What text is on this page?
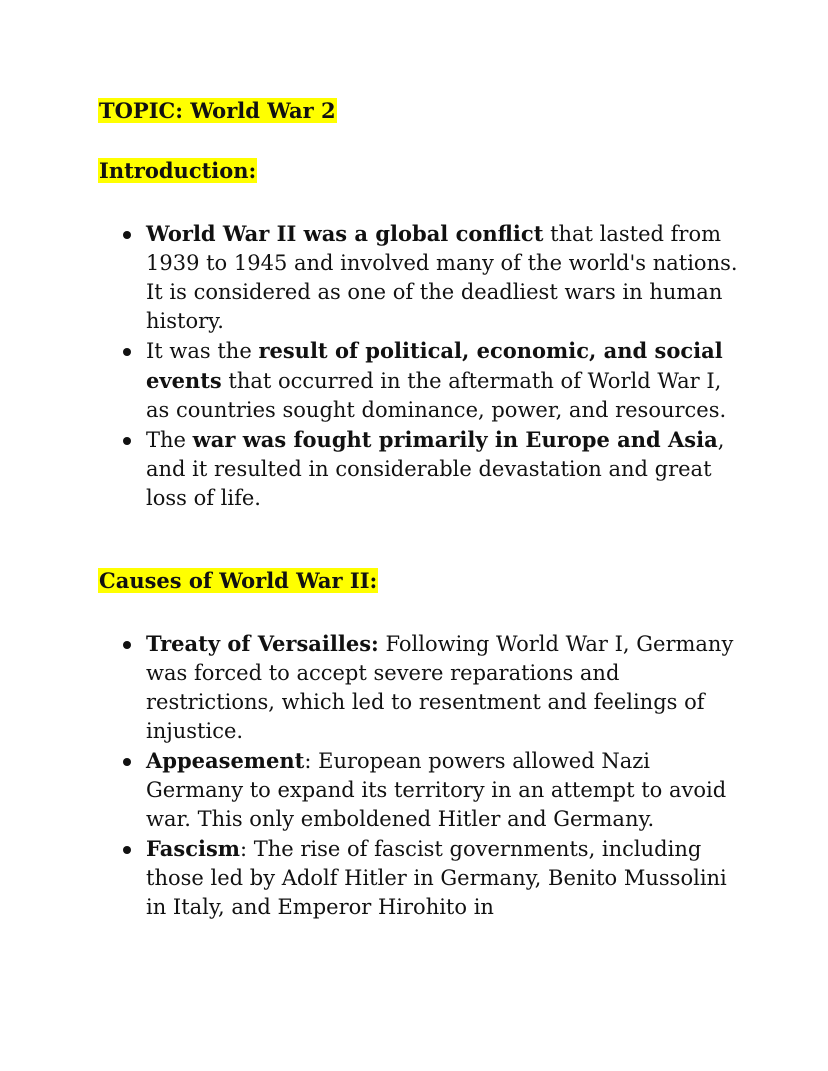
TOPIC: World War 2
Introduction:
World War II was a global conflict that lasted from 1939 to 1945 and involved many of the world's nations. It is considered as one of the deadliest wars in human history.
It was the result of political, economic, and social events that occurred in the aftermath of World War I, as countries sought dominance, power, and resources.
The war was fought primarily in Europe and Asia, and it resulted in considerable devastation and great loss of life.
Causes of World War II:
Treaty of Versailles: Following World War I, Germany was forced to accept severe reparations and restrictions, which led to resentment and feelings of injustice.
Appeasement: European powers allowed Nazi Germany to expand its territory in an attempt to avoid war. This only emboldened Hitler and Germany.
Fascism: The rise of fascist governments, including those led by Adolf Hitler in Germany, Benito Mussolini in Italy, and Emperor Hirohito in
